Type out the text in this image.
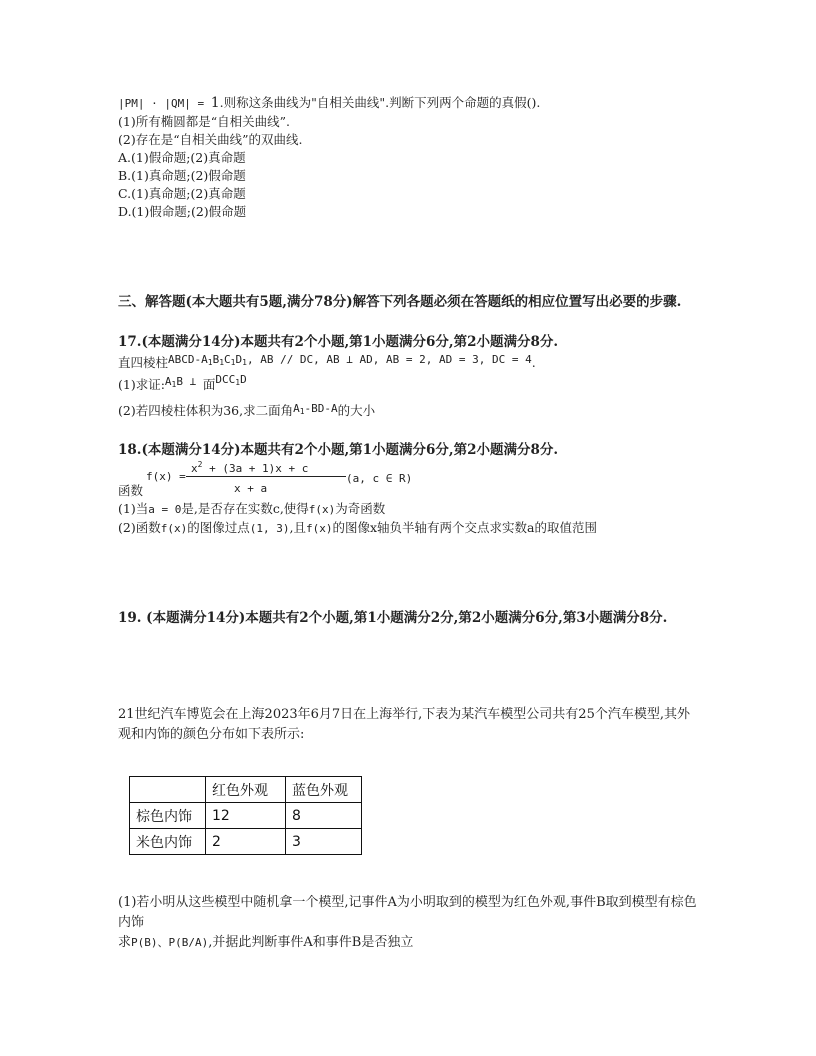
|PM| · |QM| = 1.则称这条曲线为"自相关曲线".判断下列两个命题的真假().
(1)所有椭圆都是“自相关曲线”.
(2)存在是“自相关曲线”的双曲线.
A.(1)假命题;(2)真命题
B.(1)真命题;(2)假命题
C.(1)真命题;(2)真命题
D.(1)假命题;(2)假命题
三、解答题(本大题共有5题,满分78分)解答下列各题必须在答题纸的相应位置写出必要的步骤.
17.(本题满分14分)本题共有2个小题,第1小题满分6分,第2小题满分8分.
直四棱柱ABCD-$A_1B_1C_1D_1$, AB // DC, AB ⊥ AD, AB = 2, AD = 3, DC = 4.
(1)求证$:A_1B$ ⊥ 面$DCC_1D$
(2)若四棱柱体积为36,求二面角$A_1-BD-A$的大小
18.(本题满分14分)本题共有2个小题,第1小题满分6分,第2小题满分8分.
f(x) =
$x^2 + (3a + 1)x + c$
x + a
(a, c ∈ R)
函数
(1)当a = 0是,是否存在实数c,使得f(x)为奇函数
(2)函数f(x)的图像过点(1, 3),且f(x)的图像x轴负半轴有两个交点求实数a的取值范围
19. (本题满分14分)本题共有2个小题,第1小题满分2分,第2小题满分6分,第3小题满分8分.
21世纪汽车博览会在上海2023年6月7日在上海举行,下表为某汽车模型公司共有25个汽车模型,其外观和内饰的颜色分布如下表所示:
	红色外观	蓝色外观
棕色内饰	12	8
米色内饰	2	3
(1)若小明从这些模型中随机拿一个模型,记事件A为小明取到的模型为红色外观,事件B取到模型有棕色内饰
求P(B)、P(B/A),并据此判断事件A和事件B是否独立
